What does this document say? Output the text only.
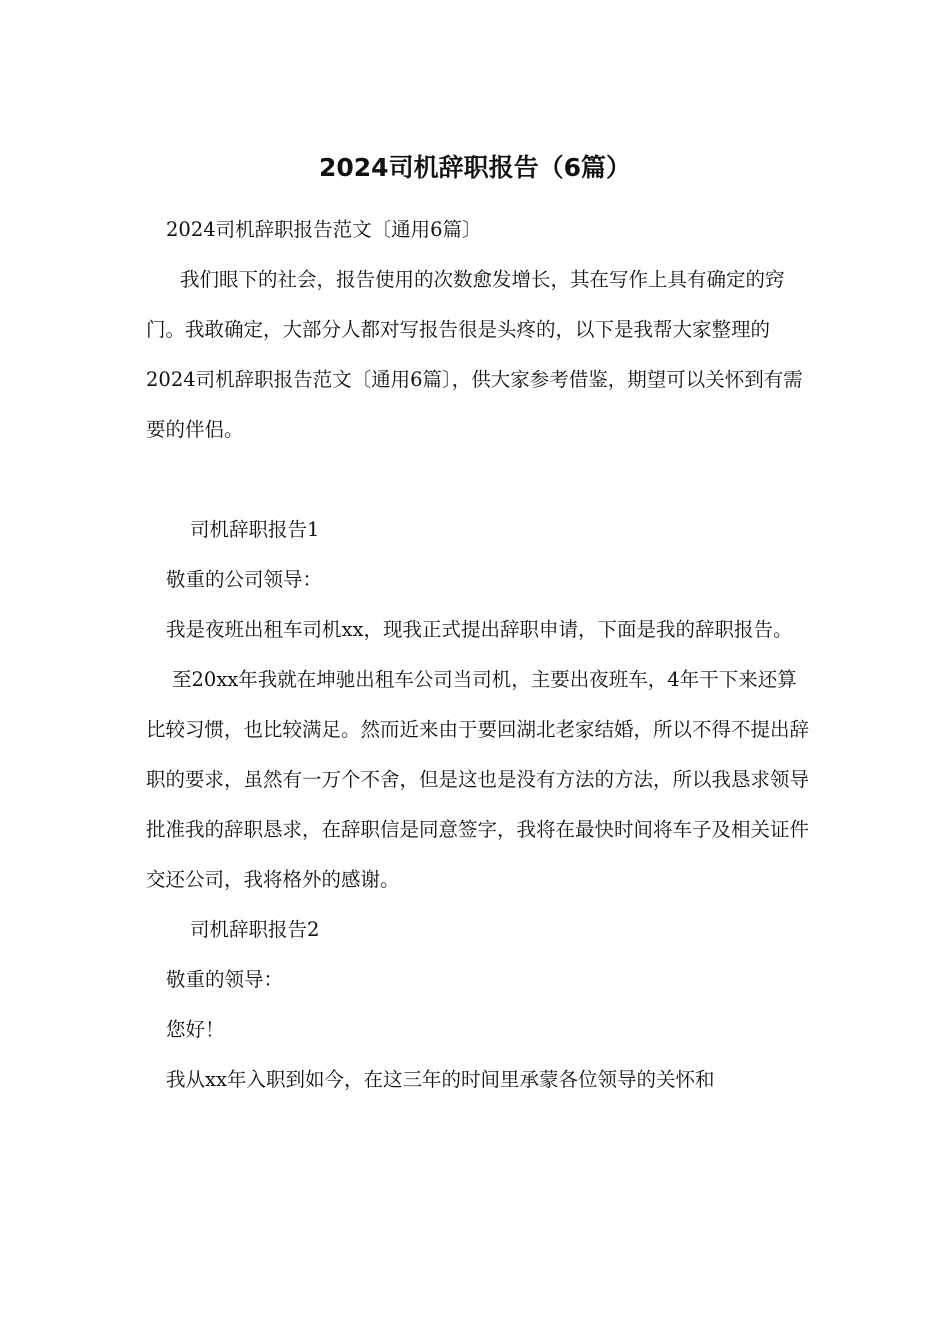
2024司机辞职报告（6篇）

2024司机辞职报告范文〔通用6篇〕

我们眼下的社会，报告使用的次数愈发增长，其在写作上具有确定的窍门。我敢确定，大部分人都对写报告很是头疼的，以下是我帮大家整理的2024司机辞职报告范文〔通用6篇〕，供大家参考借鉴，期望可以关怀到有需要的伴侣。

司机辞职报告1

敬重的公司领导：

我是夜班出租车司机xx，现我正式提出辞职申请，下面是我的辞职报告。

至20xx年我就在坤驰出租车公司当司机，主要出夜班车，4年干下来还算比较习惯，也比较满足。然而近来由于要回湖北老家结婚，所以不得不提出辞职的要求，虽然有一万个不舍，但是这也是没有方法的方法，所以我恳求领导批准我的辞职恳求，在辞职信是同意签字，我将在最快时间将车子及相关证件交还公司，我将格外的感谢。

司机辞职报告2

敬重的领导：

您好！

我从xx年入职到如今，在这三年的时间里承蒙各位领导的关怀和
